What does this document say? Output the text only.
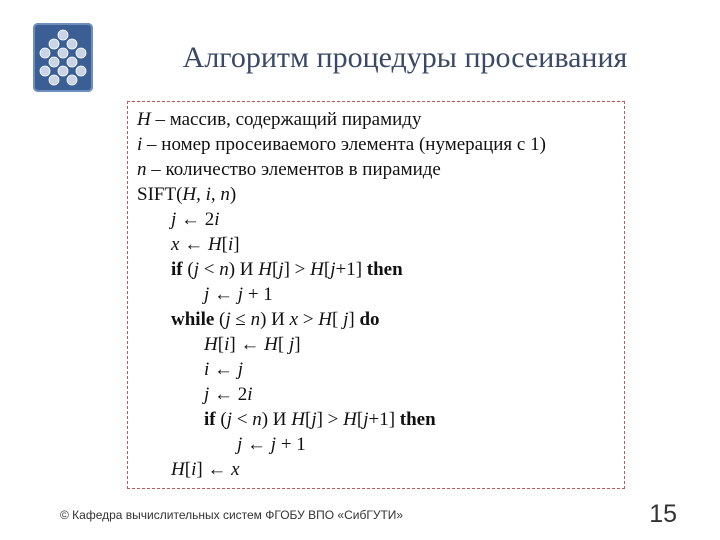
Алгоритм процедуры просеивания
H – массив, содержащий пирамиду
i – номер просеиваемого элемента (нумерация с 1)
n – количество элементов в пирамиде
SIFT(H, i, n)
j ← 2i
x ← H[i]
if (j < n) И H[j] > H[j+1] then
j ← j + 1
while (j ≤ n) И x > H[ j] do
H[i] ← H[ j]
i ← j
j ← 2i
if (j < n) И H[j] > H[j+1] then
j ← j + 1
H[i] ← x
© Кафедра вычислительных систем ФГОБУ ВПО «СибГУТИ»	15
